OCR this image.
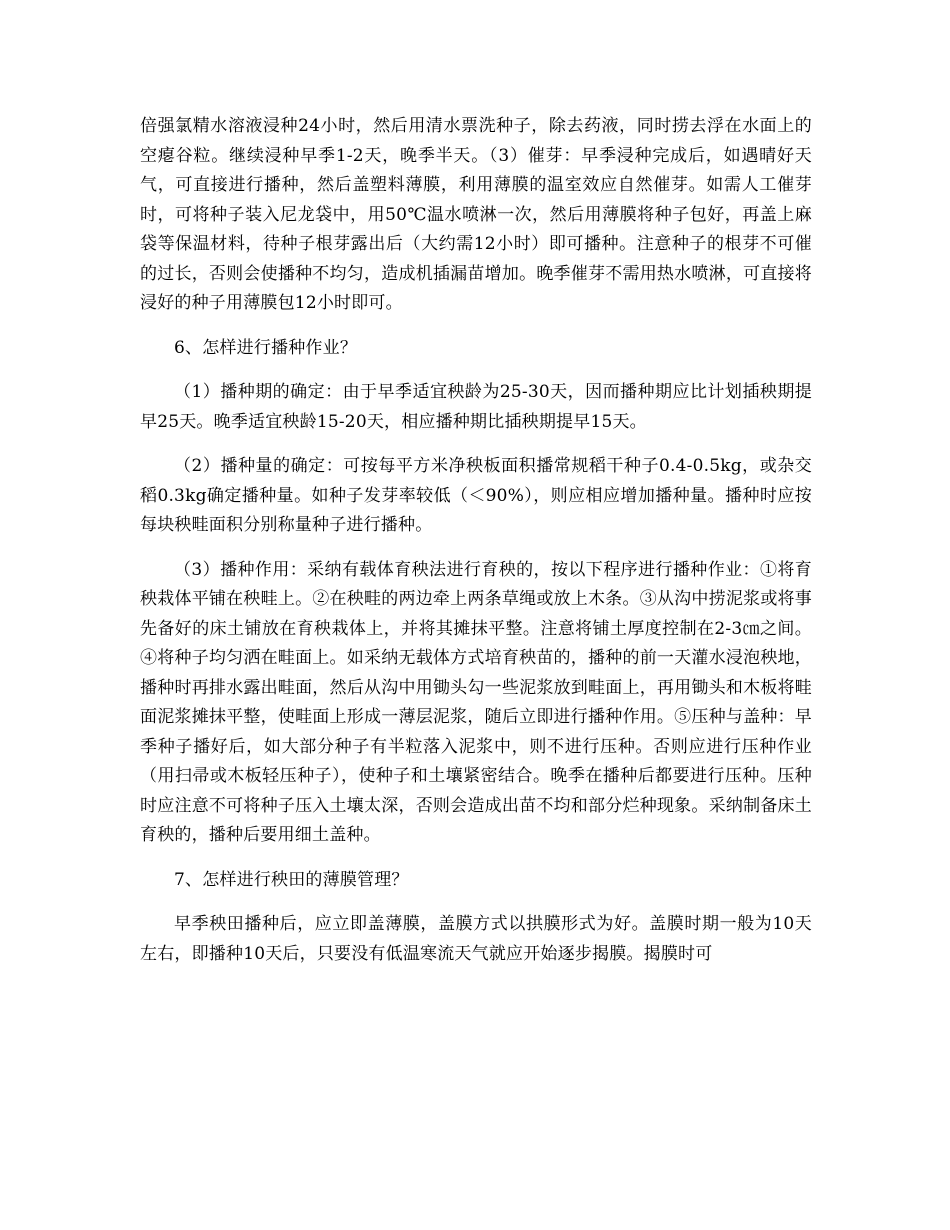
倍强氯精水溶液浸种24小时，然后用清水票洗种子，除去药液，同时捞去浮在水面上的空瘪谷粒。继续浸种早季1-2天，晚季半天。（3）催芽：早季浸种完成后，如遇晴好天气，可直接进行播种，然后盖塑料薄膜，利用薄膜的温室效应自然催芽。如需人工催芽时，可将种子装入尼龙袋中，用50℃温水喷淋一次，然后用薄膜将种子包好，再盖上麻袋等保温材料，待种子根芽露出后（大约需12小时）即可播种。注意种子的根芽不可催的过长，否则会使播种不均匀，造成机插漏苗增加。晚季催芽不需用热水喷淋，可直接将浸好的种子用薄膜包12小时即可。

6、怎样进行播种作业？

（1）播种期的确定：由于早季适宜秧龄为25-30天，因而播种期应比计划插秧期提早25天。晚季适宜秧龄15-20天，相应播种期比插秧期提早15天。

（2）播种量的确定：可按每平方米净秧板面积播常规稻干种子0.4-0.5kg，或杂交稻0.3kg确定播种量。如种子发芽率较低（＜90%），则应相应增加播种量。播种时应按每块秧畦面积分别称量种子进行播种。

（3）播种作用：采纳有载体育秧法进行育秧的，按以下程序进行播种作业：①将育秧栽体平铺在秧畦上。②在秧畦的两边牵上两条草绳或放上木条。③从沟中捞泥浆或将事先备好的床土铺放在育秧栽体上，并将其摊抹平整。注意将铺土厚度控制在2-3㎝之间。④将种子均匀洒在畦面上。如采纳无载体方式培育秧苗的，播种的前一天灌水浸泡秧地，播种时再排水露出畦面，然后从沟中用锄头勾一些泥浆放到畦面上，再用锄头和木板将畦面泥浆摊抹平整，使畦面上形成一薄层泥浆，随后立即进行播种作用。⑤压种与盖种：早季种子播好后，如大部分种子有半粒落入泥浆中，则不进行压种。否则应进行压种作业（用扫帚或木板轻压种子），使种子和土壤紧密结合。晚季在播种后都要进行压种。压种时应注意不可将种子压入土壤太深，否则会造成出苗不均和部分烂种现象。采纳制备床土育秧的，播种后要用细土盖种。

7、怎样进行秧田的薄膜管理？

早季秧田播种后，应立即盖薄膜，盖膜方式以拱膜形式为好。盖膜时期一般为10天左右，即播种10天后，只要没有低温寒流天气就应开始逐步揭膜。揭膜时可
